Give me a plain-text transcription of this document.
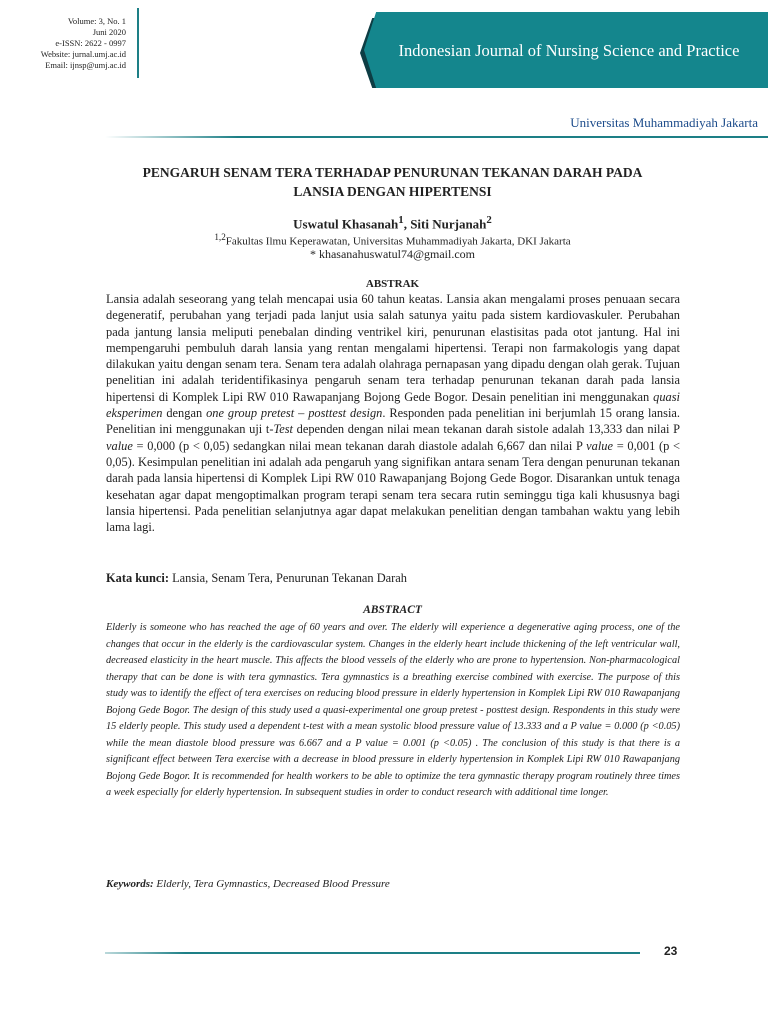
Volume: 3, No. 1
Juni 2020
e-ISSN: 2622 - 0997
Website: jurnal.umj.ac.id
Email: ijnsp@umj.ac.id
Indonesian Journal of Nursing Science and Practice
Universitas Muhammadiyah Jakarta
PENGARUH SENAM TERA TERHADAP PENURUNAN TEKANAN DARAH PADA
LANSIA DENGAN HIPERTENSI
Uswatul Khasanah$^1$, Siti Nurjanah$^2$
$^{1,2}$Fakultas Ilmu Keperawatan, Universitas Muhammadiyah Jakarta, DKI Jakarta
* khasanahuswatul74@gmail.com
ABSTRAK
Lansia adalah seseorang yang telah mencapai usia 60 tahun keatas. Lansia akan mengalami proses penuaan secara degeneratif, perubahan yang terjadi pada lanjut usia salah satunya yaitu pada sistem kardiovaskuler. Perubahan pada jantung lansia meliputi penebalan dinding ventrikel kiri, penurunan elastisitas pada otot jantung. Hal ini mempengaruhi pembuluh darah lansia yang rentan mengalami hipertensi. Terapi non farmakologis yang dapat dilakukan yaitu dengan senam tera. Senam tera adalah olahraga pernapasan yang dipadu dengan olah gerak. Tujuan penelitian ini adalah teridentifikasinya pengaruh senam tera terhadap penurunan tekanan darah pada lansia hipertensi di Komplek Lipi RW 010 Rawapanjang Bojong Gede Bogor. Desain penelitian ini menggunakan quasi eksperimen dengan one group pretest – posttest design. Responden pada penelitian ini berjumlah 15 orang lansia. Penelitian ini menggunakan uji t-Test dependen dengan nilai mean tekanan darah sistole adalah 13,333 dan nilai P value = 0,000 (p < 0,05) sedangkan nilai mean tekanan darah diastole adalah 6,667 dan nilai P value = 0,001 (p < 0,05). Kesimpulan penelitian ini adalah ada pengaruh yang signifikan antara senam Tera dengan penurunan tekanan darah pada lansia hipertensi di Komplek Lipi RW 010 Rawapanjang Bojong Gede Bogor. Disarankan untuk tenaga kesehatan agar dapat mengoptimalkan program terapi senam tera secara rutin seminggu tiga kali khususnya bagi lansia hipertensi. Pada penelitian selanjutnya agar dapat melakukan penelitian dengan tambahan waktu yang lebih lama lagi.
Kata kunci: Lansia, Senam Tera, Penurunan Tekanan Darah
ABSTRACT
Elderly is someone who has reached the age of 60 years and over. The elderly will experience a degenerative aging process, one of the changes that occur in the elderly is the cardiovascular system. Changes in the elderly heart include thickening of the left ventricular wall, decreased elasticity in the heart muscle. This affects the blood vessels of the elderly who are prone to hypertension. Non-pharmacological therapy that can be done is with tera gymnastics. Tera gymnastics is a breathing exercise combined with exercise. The purpose of this study was to identify the effect of tera exercises on reducing blood pressure in elderly hypertension in Komplek Lipi RW 010 Rawapanjang Bojong Gede Bogor. The design of this study used a quasi-experimental one group pretest - posttest design. Respondents in this study were 15 elderly people. This study used a dependent t-test with a mean systolic blood pressure value of 13.333 and a P value = 0.000 (p <0.05) while the mean diastole blood pressure was 6.667 and a P value = 0.001 (p <0.05) . The conclusion of this study is that there is a significant effect between Tera exercise with a decrease in blood pressure in elderly hypertension in Komplek Lipi RW 010 Rawapanjang Bojong Gede Bogor. It is recommended for health workers to be able to optimize the tera gymnastic therapy program routinely three times a week especially for elderly hypertension. In subsequent studies in order to conduct research with additional time longer.
Keywords: Elderly, Tera Gymnastics, Decreased Blood Pressure
23
